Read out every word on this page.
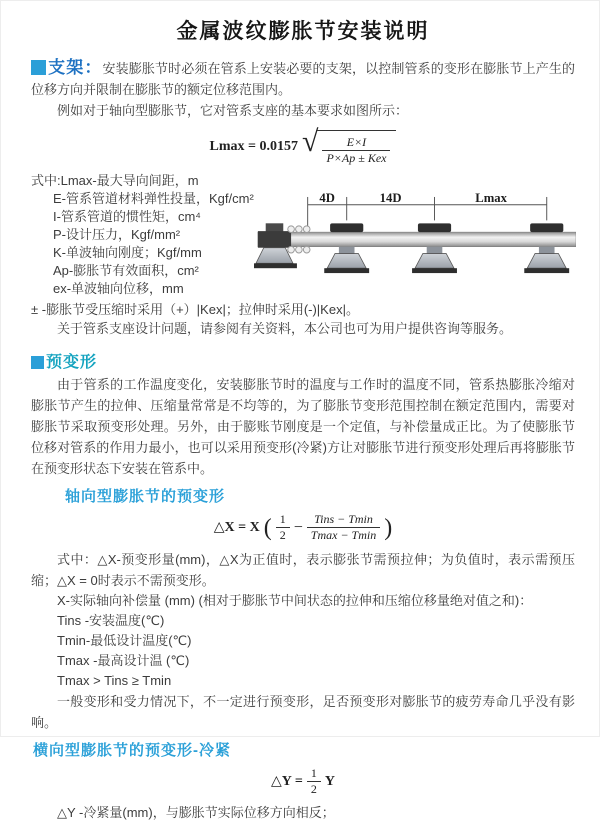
金属波纹膨胀节安装说明
支架：安装膨胀节时必须在管系上安装必要的支架，以控制管系的变形在膨胀节上产生的位移方向并限制在膨胀节的额定位移范围内。
例如对于轴向型膨胀节，它对管系支座的基本要求如图所示：
Lmax = 0.0157 √ $\frac{E\times I}{\text{P×Ap ± Kex}}$
式中:Lmax-最大导向间距，m
E-管系管道材料弹性投量，Kgf/cm²
I-管系管道的惯性矩，cm⁴
P-设计压力，Kgf/mm²
K-单波轴向刚度；Kgf/mm
Ap-膨胀节有效面积，cm²
ex-单波轴向位移，mm
4D	14D	Lmax
± -膨胀节受压缩时采用（+）|Kex|；拉伸时采用(-)|Kex|。
关于管系支座设计问题，请参阅有关资料，本公司也可为用户提供咨询等服务。
预变形
由于管系的工作温度变化，安装膨胀节时的温度与工作时的温度不同，管系热膨胀冷缩对膨胀节产生的拉伸、压缩量常常是不均等的，为了膨胀节变形范围控制在额定范围内，需要对膨胀节采取预变形处理。另外，由于膨账节刚度是一个定值，与补偿量成正比。为了使膨胀节位移对管系的作用力最小，也可以采用预变形(冷紧)方让对膨胀节进行预变形处理后再将膨胀节在预变形状态下安装在管系中。
轴向型膨胀节的预变形
△X = X ( $\frac{1}{2} - \frac{\text{Tins − Tmin}}{Tmax - Tmin}$ )
式中：△X-预变形量(mm)，△X为正值时，表示膨张节需预拉伸；为负值时，表示需预压缩；△X = 0时表示不需预变形。
X-实际轴向补偿量 (mm) (相对于膨胀节中间状态的拉伸和压缩位移量绝对值之和)：
Tins -安装温度(℃)
Tmin-最低设计温度(℃)
Tmax -最高设计温 (℃)
Tmax > Tins ≥ Tmin
一般变形和受力情况下，不一定进行预变形，足否预变形对膨胀节的疲劳寿命几乎没有影响。
横向型膨胀节的预变形-冷紧
△Y = $\frac{1}{2}$ Y
△Y -冷紧量(mm)，与膨胀节实际位移方向相反；
